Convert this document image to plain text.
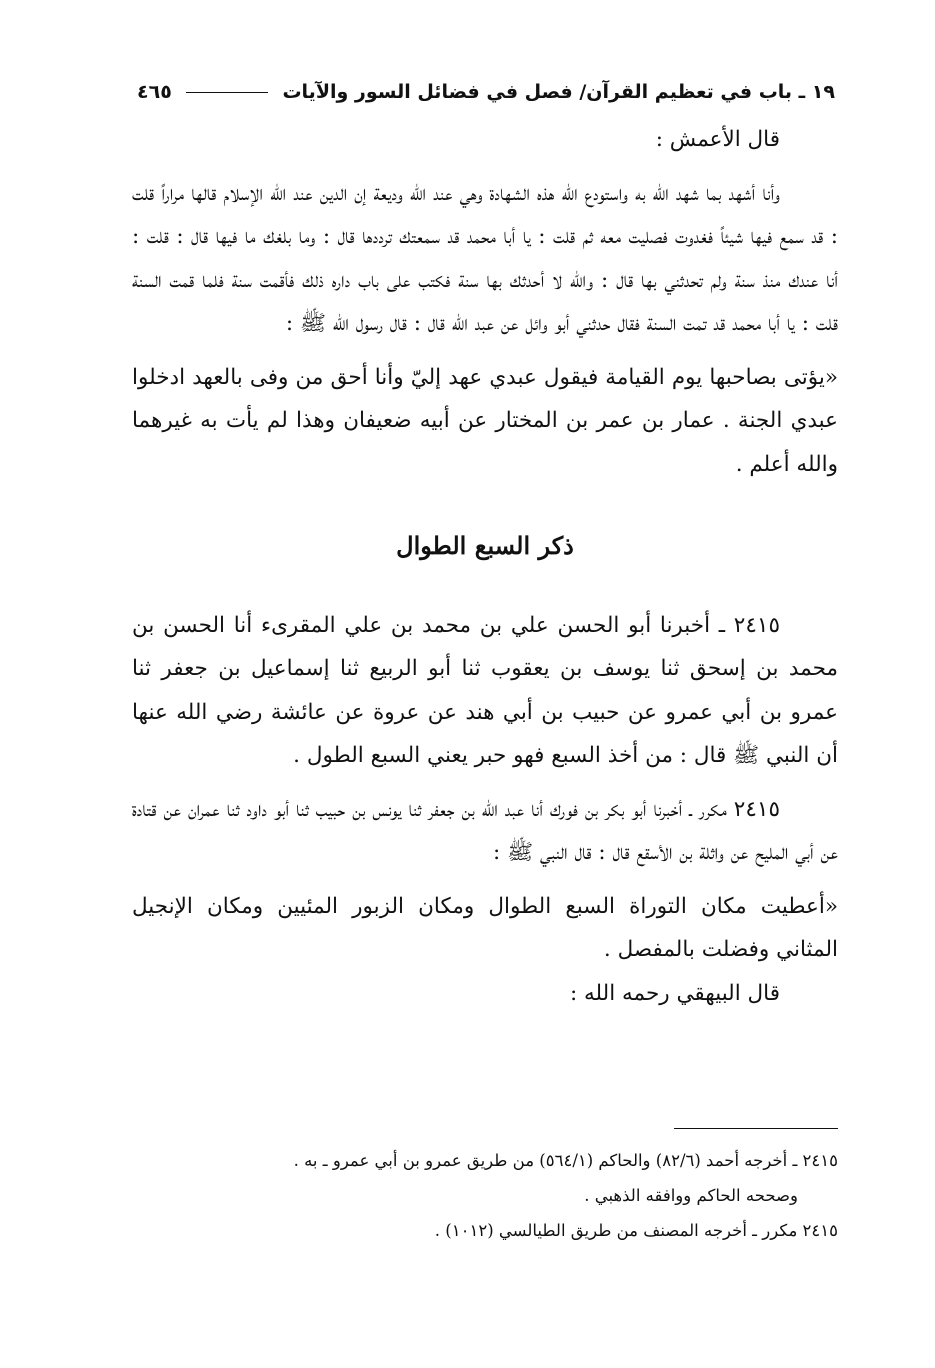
١٩ ـ باب في تعظيم القرآن/ فصل في فضائل السور والآيات
٤٦٥

قال الأعمش :

وأنا أشهد بما شهد الله به واستودع الله هذه الشهادة وهي عند الله وديعة إن الدين عند الله الإسلام قالها مراراً قلت : قد سمع فيها شيئاً فغدوت فصليت معه ثم قلت : يا أبا محمد قد سمعتك ترددها قال : وما بلغك ما فيها قال : قلت : أنا عندك منذ سنة ولم تحدثني بها قال : والله لا أحدثك بها سنة فكتب على باب داره ذلك فأقمت سنة فلما قمت السنة قلت : يا أبا محمد قد تمت السنة فقال حدثني أبو وائل عن عبد الله قال : قال رسول الله ﷺ :

«يؤتى بصاحبها يوم القيامة فيقول عبدي عهد إليّ وأنا أحق من وفى بالعهد ادخلوا عبدي الجنة . عمار بن عمر بن المختار عن أبيه ضعيفان وهذا لم يأت به غيرهما والله أعلم .

ذكر السبع الطوال

٢٤١٥ ـ أخبرنا أبو الحسن علي بن محمد بن علي المقرىء أنا الحسن بن محمد بن إسحق ثنا يوسف بن يعقوب ثنا أبو الربيع ثنا إسماعيل بن جعفر ثنا عمرو بن أبي عمرو عن حبيب بن أبي هند عن عروة عن عائشة رضي الله عنها أن النبي ﷺ قال : من أخذ السبع فهو حبر يعني السبع الطول .

٢٤١٥ مكرر ـ أخبرنا أبو بكر بن فورك أنا عبد الله بن جعفر ثنا يونس بن حبيب ثنا أبو داود ثنا عمران عن قتادة عن أبي المليح عن واثلة بن الأسقع قال : قال النبي ﷺ :

«أعطيت مكان التوراة السبع الطوال ومكان الزبور المئيين ومكان الإنجيل المثاني وفضلت بالمفصل .

قال البيهقي رحمه الله :

٢٤١٥ ـ أخرجه أحمد (٨٢/٦) والحاكم (٥٦٤/١) من طريق عمرو بن أبي عمرو ـ به .

وصححه الحاكم ووافقه الذهبي .

٢٤١٥ مكرر ـ أخرجه المصنف من طريق الطيالسي (١٠١٢) .
